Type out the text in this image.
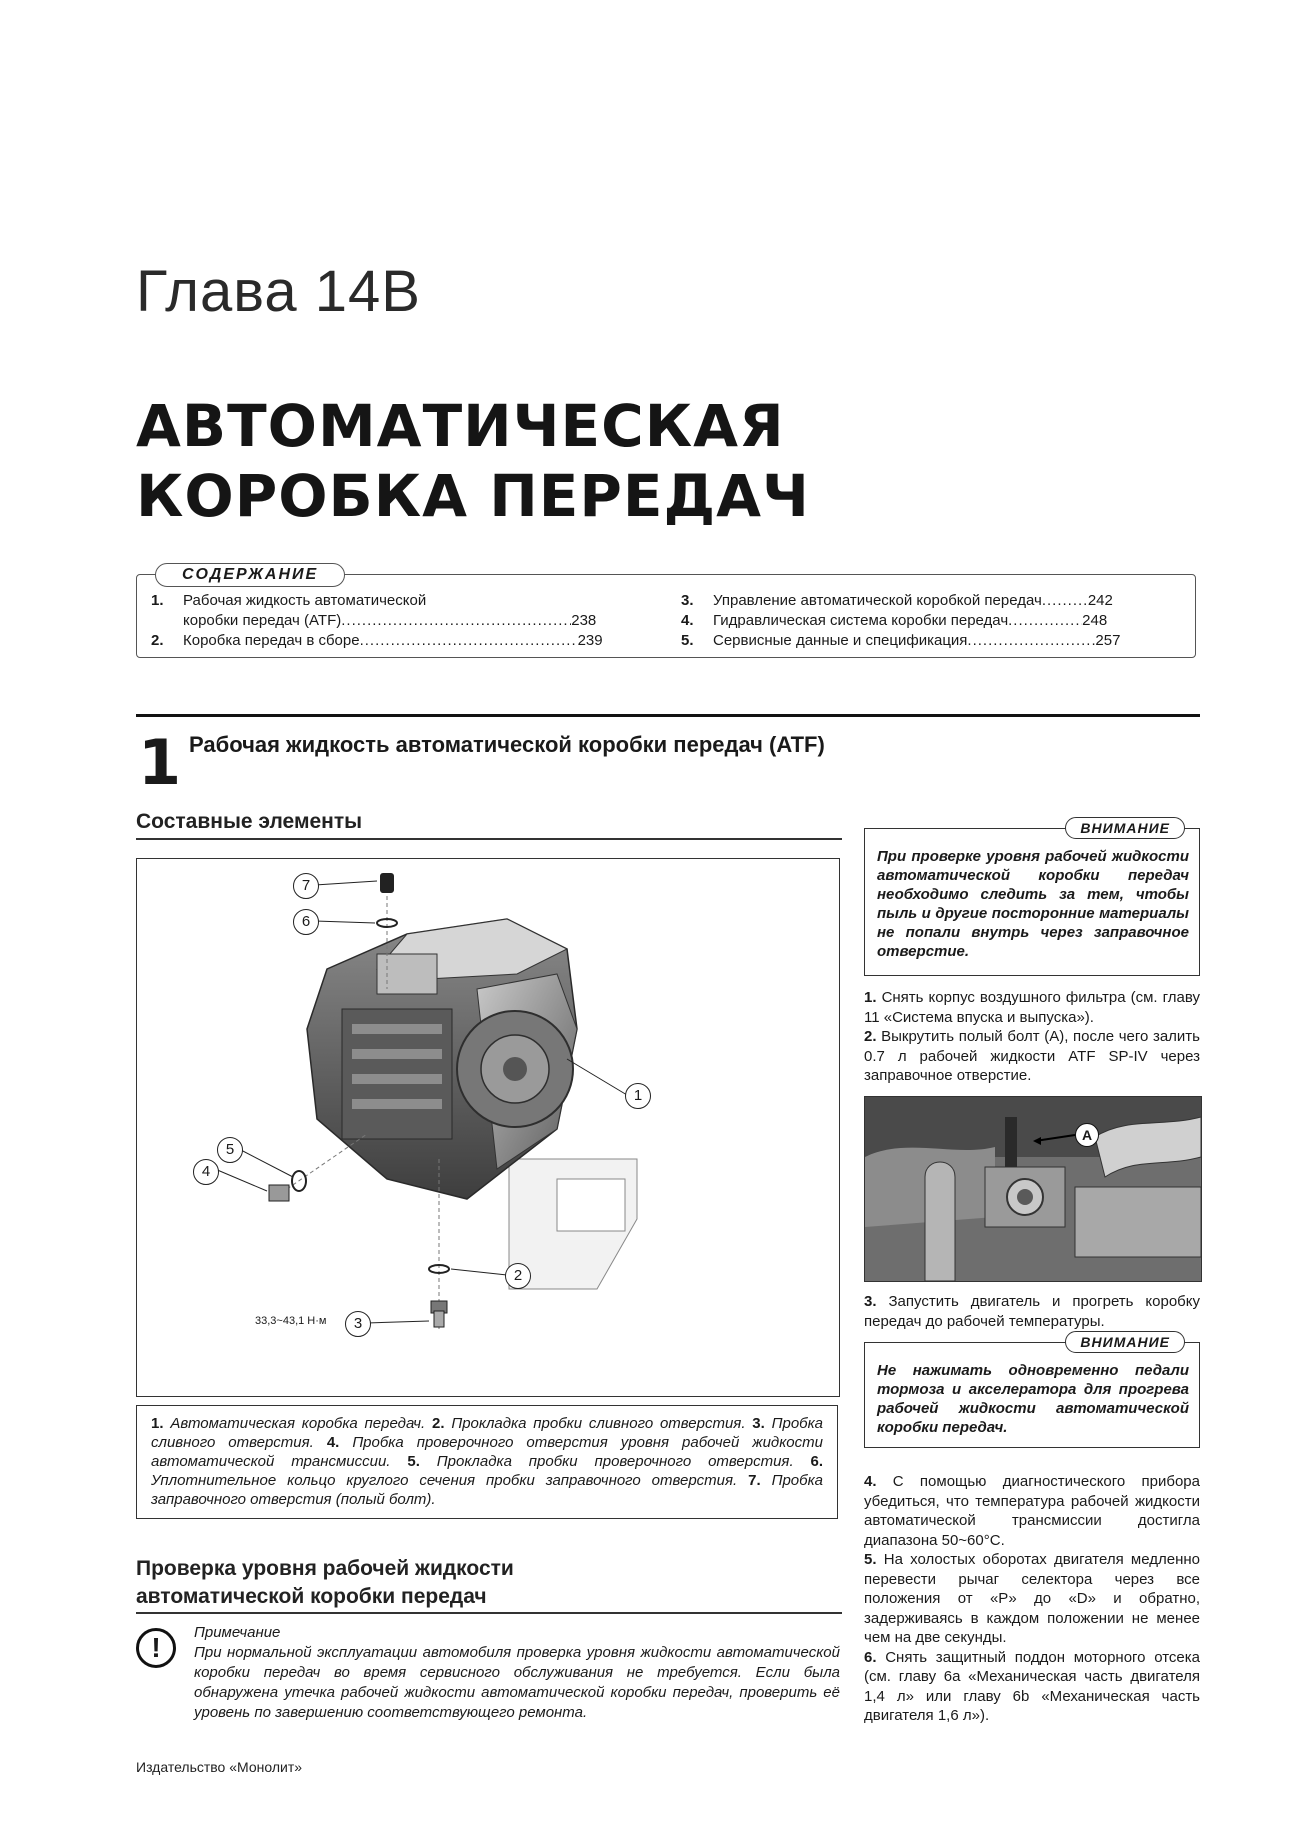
Глава 14B
АВТОМАТИЧЕСКАЯ
КОРОБКА ПЕРЕДАЧ
СОДЕРЖАНИЕ
1. Рабочая жидкость автоматической
коробки передач (ATF) .....	238
2. Коробка передач в сборе .....	239
3. Управление автоматической коробкой передач .....	242
4. Гидравлическая система коробки передач .....	248
5. Сервисные данные и спецификация .....	257
1 Рабочая жидкость автоматической коробки передач (ATF)
Составные элементы
7
6
1
2
3
4
5
33,3~43,1 Н·м
1. Автоматическая коробка передач. 2. Прокладка пробки сливного отверстия. 3. Пробка сливного отверстия. 4. Пробка проверочного отверстия уровня рабочей жидкости автоматической трансмиссии. 5. Прокладка пробки проверочного отверстия. 6. Уплотнительное кольцо круглого сечения пробки заправочного отверстия. 7. Пробка заправочного отверстия (полый болт).
Проверка уровня рабочей жидкости
автоматической коробки передач
!	Примечание
При нормальной эксплуатации автомобиля проверка уровня жидкости автоматической коробки передач во время сервисного обслуживания не требуется. Если была обнаружена утечка рабочей жидкости автоматической коробки передач, проверить её уровень по завершению соответствующего ремонта.
ВНИМАНИЕ
При проверке уровня рабочей жидкости автоматической коробки передач необходимо следить за тем, чтобы пыль и другие посторонние материалы не попали внутрь через заправочное отверстие.
1. Снять корпус воздушного фильтра (см. главу 11 «Система впуска и выпуска»).
2. Выкрутить полый болт (A), после чего залить 0.7 л рабочей жидкости ATF SP-IV через заправочное отверстие.
A
3. Запустить двигатель и прогреть коробку передач до рабочей температуры.
ВНИМАНИЕ
Не нажимать одновременно педали тормоза и акселератора для прогрева рабочей жидкости автоматической коробки передач.
4. С помощью диагностического прибора убедиться, что температура рабочей жидкости автоматической трансмиссии достигла диапазона 50~60°C.
5. На холостых оборотах двигателя медленно перевести рычаг селектора через все положения от «P» до «D» и обратно, задерживаясь в каждом положении не менее чем на две секунды.
6. Снять защитный поддон моторного отсека (см. главу 6а «Механическая часть двигателя 1,4 л» или главу 6b «Механическая часть двигателя 1,6 л»).
Издательство «Монолит»
